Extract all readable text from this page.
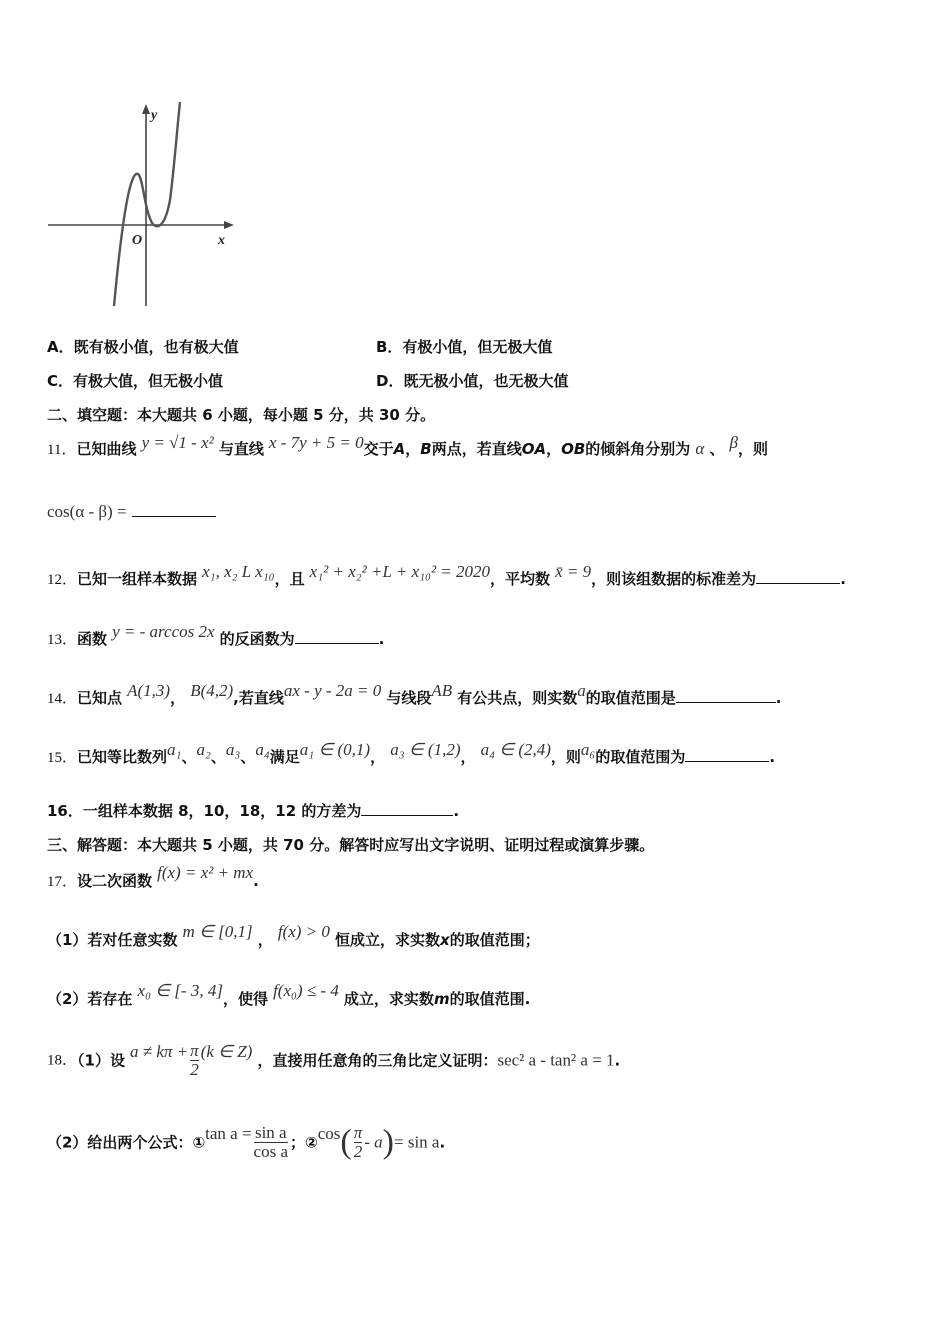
y
x
O
A．既有极小值，也有极大值	B．有极小值，但无极大值
C．有极大值，但无极小值	D．既无极小值，也无极大值
二、填空题：本大题共 6 小题，每小题 5 分，共 30 分。
11．已知曲线 y = √1 - x² 与直线 x - 7y + 5 = 0交于A，B两点，若直线OA，OB的倾斜角分别为 α 、 β，则
cos(α - β) =
12．已知一组样本数据 x₁, x₂ L x₁₀，且 x₁² + x₂² +L + x₁₀² = 2020，平均数 x̄ = 9，则该组数据的标准差为	.
13．函数 y = - arccos 2x 的反函数为	.
14．已知点 A(1,3)， B(4,2),若直线ax - y - 2a = 0 与线段AB 有公共点，则实数a的取值范围是	.
15．已知等比数列a₁、a₂、a₃、a₄满足a₁ ∈ (0,1)， a₃ ∈ (1,2)， a₄ ∈ (2,4)，则a₆的取值范围为	.
16．一组样本数据 8，10，18，12 的方差为	.
三、解答题：本大题共 5 小题，共 70 分。解答时应写出文字说明、证明过程或演算步骤。
17．设二次函数 f(x) = x² + mx.
（1）若对任意实数 m ∈ [0,1] ， f(x) > 0 恒成立，求实数x的取值范围；
（2）若存在 x₀ ∈ [- 3, 4]，使得 f(x₀) ≤ - 4 成立，求实数m的取值范围.
18．（1）设 $a \ne k\pi + \frac{\pi}{2} (k$ ∈ Z) ，直接用任意角的三角比定义证明：sec² a - tan² a = 1.
（2）给出两个公式：①tan $a = \frac{\text{sin a}}{\text{cos a}}$ ；②cos( $\frac{\pi}{2} - a)= \sin a$.
